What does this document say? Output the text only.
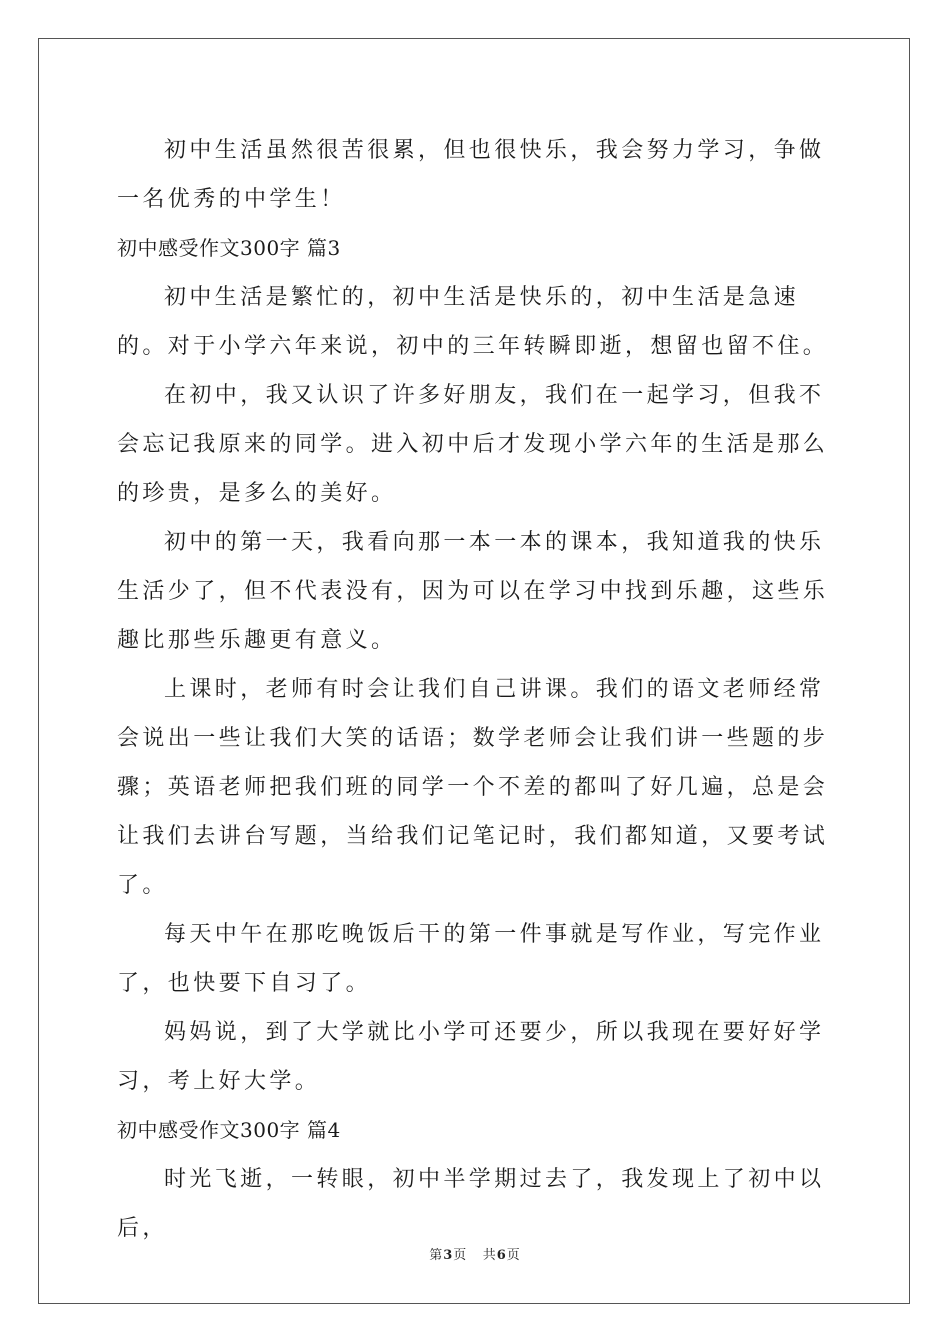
初中生活虽然很苦很累，但也很快乐，我会努力学习，争做一名优秀的中学生！

初中感受作文300字 篇3

初中生活是繁忙的，初中生活是快乐的，初中生活是急速的。对于小学六年来说，初中的三年转瞬即逝，想留也留不住。

在初中，我又认识了许多好朋友，我们在一起学习，但我不会忘记我原来的同学。进入初中后才发现小学六年的生活是那么的珍贵，是多么的美好。

初中的第一天，我看向那一本一本的课本，我知道我的快乐生活少了，但不代表没有，因为可以在学习中找到乐趣，这些乐趣比那些乐趣更有意义。

上课时，老师有时会让我们自己讲课。我们的语文老师经常会说出一些让我们大笑的话语；数学老师会让我们讲一些题的步骤；英语老师把我们班的同学一个不差的都叫了好几遍，总是会让我们去讲台写题，当给我们记笔记时，我们都知道，又要考试了。

每天中午在那吃晚饭后干的第一件事就是写作业，写完作业了，也快要下自习了。

妈妈说，到了大学就比小学可还要少，所以我现在要好好学习，考上好大学。

初中感受作文300字 篇4

时光飞逝，一转眼，初中半学期过去了，我发现上了初中以后，

第3页 共6页
